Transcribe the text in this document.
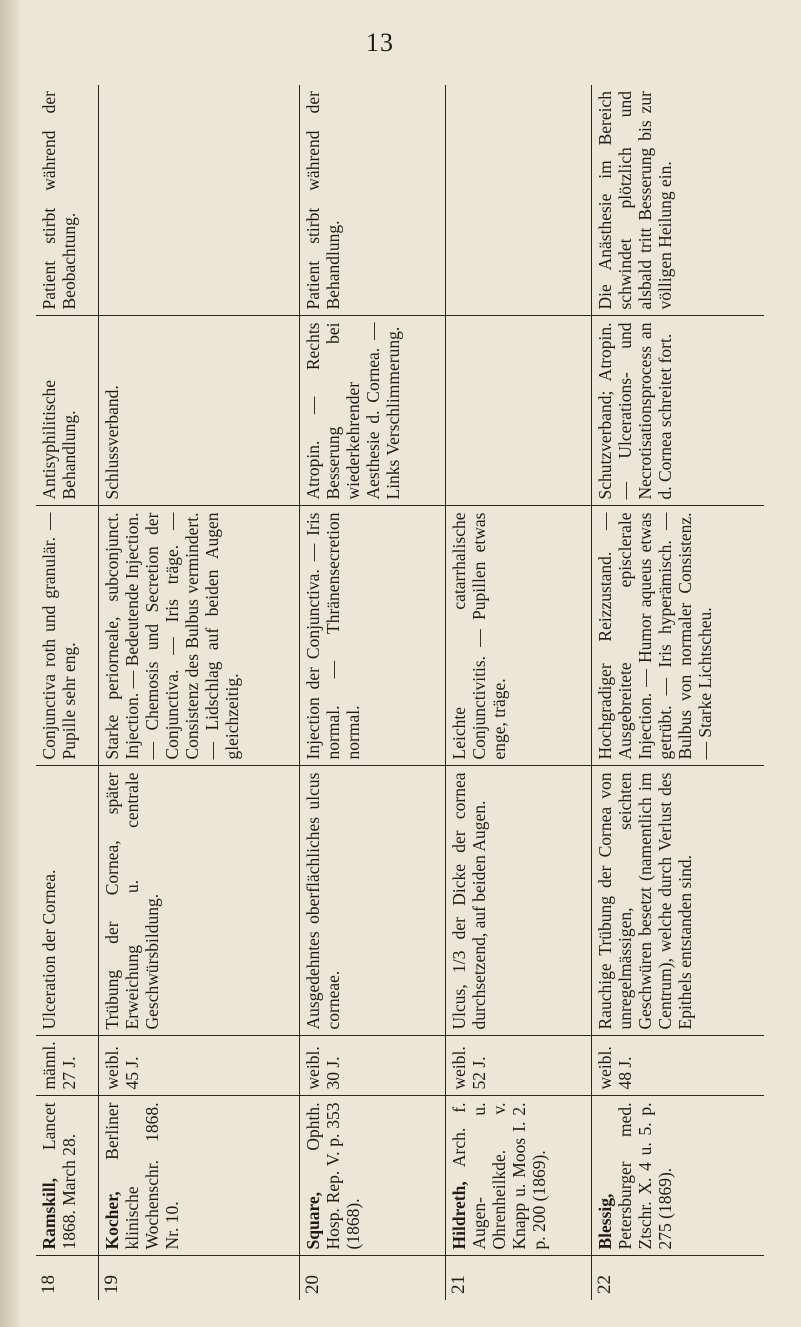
13
18	Ramskill, Lancet 1868. March 28.	männl. 27 J.	Ulceration der Cornea.	Conjunctiva roth und granulär. — Pupille sehr eng.	Antisyphilitische Behandlung.	Patient stirbt während der Beobachtung.
19	Kocher, Berliner klinische Wochenschr. 1868. Nr. 10.	weibl. 45 J.	Trübung der Cornea, später Erweichung u. centrale Geschwürsbildung.	Starke periorneale, subconjunct. Injection. — Bedeutende Injection. — Chemosis und Secretion der Conjunctiva. — Iris träge. — Consistenz des Bulbus vermindert. — Lidschlag auf beiden Augen gleichzeitig.	Schlussverband.	
20	Square, Ophth. Hosp. Rep. V. p. 353 (1868).	weibl. 30 J.	Ausgedehntes oberflächliches ulcus corneae.	Injection der Conjunctiva. — Iris normal. — Thränensecretion normal.	Atropin. — Rechts Besserung bei wiederkehrender Aesthesie d. Cornea. — Links Verschlimmerung.	Patient stirbt während der Behandlung.
21	Hildreth, Arch. f. Augen- u. Ohrenheilkde. v. Knapp u. Moos I. 2. p. 200 (1869).	weibl. 52 J.	Ulcus, 1/3 der Dicke der cornea durchsetzend, auf beiden Augen.	Leichte catarrhalische Conjunctivitis. — Pupillen etwas enge, träge.		
22	Blessig, Petersburger med. Ztschr. X. 4 u. 5. p. 275 (1869).	weibl. 48 J.	Rauchige Trübung der Cornea von unregelmässigen, seichten Geschwüren besetzt (namentlich im Centrum), welche durch Verlust des Epithels entstanden sind.	Hochgradiger Reizzustand. — Ausgebreitete episclerale Injection. — Humor aqueus etwas getrübt. — Iris hyperämisch. — Bulbus von normaler Consistenz. — Starke Lichtscheu.	Schutzverband; Atropin. — Ulcerations- und Necrotisationsprocess an d. Cornea schreitet fort.	Die Anästhesie im Bereich schwindet plötzlich und alsbald tritt Besserung bis zur völligen Heilung ein.
